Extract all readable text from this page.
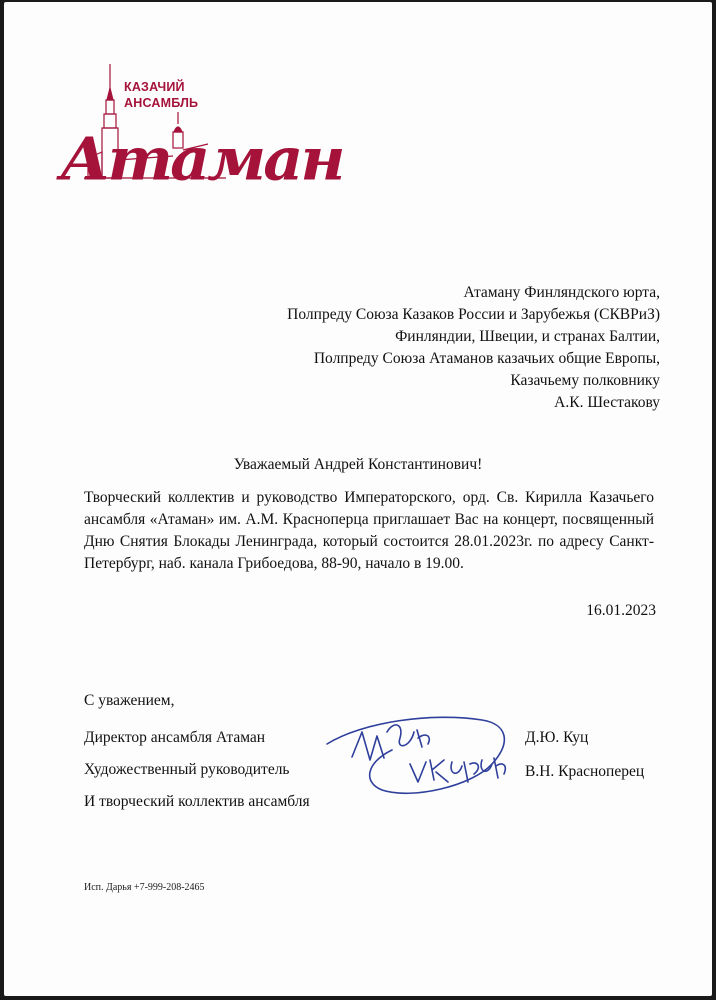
КАЗАЧИЙ
АНСАМБЛЬ
Атаман
Атаману Финляндского юрта,
Полпреду Союза Казаков России и Зарубежья (СКВРиЗ)
Финляндии, Швеции, и странах Балтии,
Полпреду Союза Атаманов казачьих общие Европы,
Казачьему полковнику
А.К. Шестакову
Уважаемый Андрей Константинович!
Творческий коллектив и руководство Императорского, орд. Св. Кирилла Казачьего ансамбля «Атаман» им. А.М. Красноперца приглашает Вас на концерт, посвященный Дню Снятия Блокады Ленинграда, который состоится 28.01.2023г. по адресу Санкт-Петербург, наб. канала Грибоедова, 88-90, начало в 19.00.
16.01.2023
С уважением,
Директор ансамбля Атаман	Д.Ю. Куц
Художественный руководитель	В.Н. Красноперец
И творческий коллектив ансамбля
Исп. Дарья +7-999-208-2465
